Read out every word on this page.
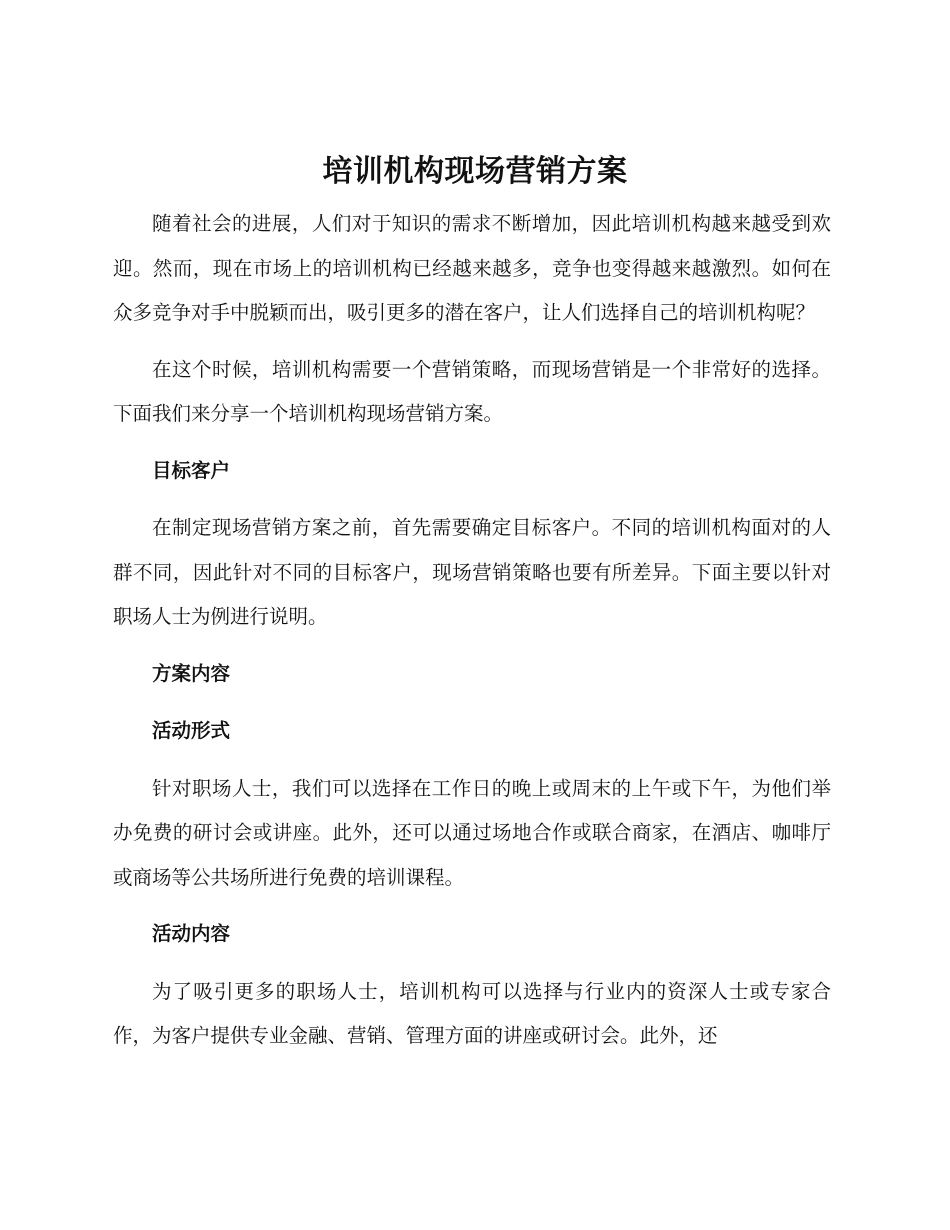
培训机构现场营销方案

随着社会的进展，人们对于知识的需求不断增加，因此培训机构越来越受到欢迎。然而，现在市场上的培训机构已经越来越多，竞争也变得越来越激烈。如何在众多竞争对手中脱颖而出，吸引更多的潜在客户，让人们选择自己的培训机构呢？

在这个时候，培训机构需要一个营销策略，而现场营销是一个非常好的选择。下面我们来分享一个培训机构现场营销方案。

目标客户

在制定现场营销方案之前，首先需要确定目标客户。不同的培训机构面对的人群不同，因此针对不同的目标客户，现场营销策略也要有所差异。下面主要以针对职场人士为例进行说明。

方案内容
活动形式

针对职场人士，我们可以选择在工作日的晚上或周末的上午或下午，为他们举办免费的研讨会或讲座。此外，还可以通过场地合作或联合商家，在酒店、咖啡厅或商场等公共场所进行免费的培训课程。

活动内容

为了吸引更多的职场人士，培训机构可以选择与行业内的资深人士或专家合作，为客户提供专业金融、营销、管理方面的讲座或研讨会。此外，还
